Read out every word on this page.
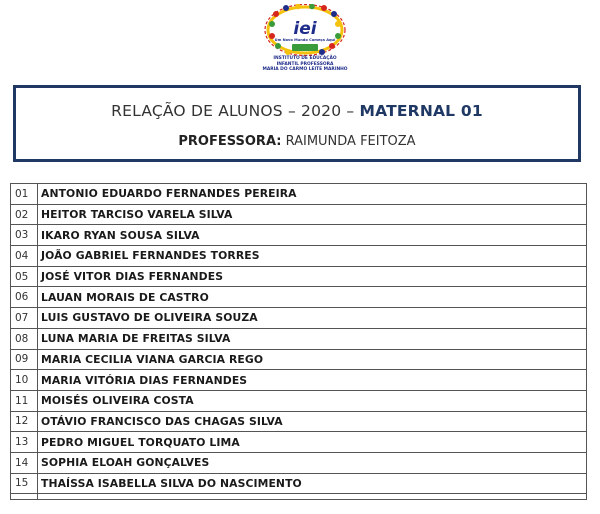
iei
Um Novo Mundo Começa Aqui
INSTITUTO DE EDUCAÇÃO INFANTIL PROFESSORA
MARIA DO CARMO LEITE MARINHO
RELAÇÃO DE ALUNOS – 2020 – MATERNAL 01
PROFESSORA: RAIMUNDA FEITOZA
01	ANTONIO EDUARDO FERNANDES PEREIRA
02	HEITOR TARCISO VARELA SILVA
03	IKARO RYAN SOUSA SILVA
04	JOÃO GABRIEL FERNANDES TORRES
05	JOSÉ VITOR DIAS FERNANDES
06	LAUAN MORAIS DE CASTRO
07	LUIS GUSTAVO DE OLIVEIRA SOUZA
08	LUNA MARIA DE FREITAS SILVA
09	MARIA CECILIA VIANA GARCIA REGO
10	MARIA VITÓRIA DIAS FERNANDES
11	MOISÉS OLIVEIRA COSTA
12	OTÁVIO FRANCISCO DAS CHAGAS SILVA
13	PEDRO MIGUEL TORQUATO LIMA
14	SOPHIA ELOAH GONÇALVES
15	THAÍSSA ISABELLA SILVA DO NASCIMENTO
